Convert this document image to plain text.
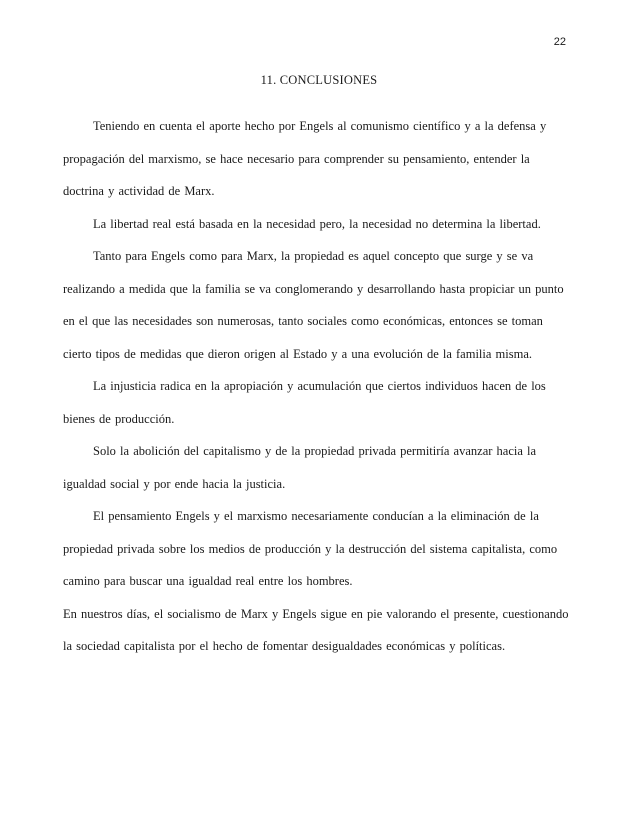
22
11. CONCLUSIONES

Teniendo en cuenta el aporte hecho por Engels al comunismo científico y a la defensa y propagación del marxismo, se hace necesario para comprender su pensamiento, entender la doctrina y actividad de Marx.

La libertad real está basada en la necesidad pero, la necesidad no determina la libertad.

Tanto para Engels como para Marx, la propiedad es aquel concepto que surge y se va realizando a medida que la familia se va conglomerando y desarrollando hasta propiciar un punto en el que las necesidades son numerosas, tanto sociales como económicas, entonces se toman cierto tipos de medidas que dieron origen al Estado y a una evolución de la familia misma.

La injusticia radica en la apropiación y acumulación que ciertos individuos hacen de los bienes de producción.

Solo la abolición del capitalismo y de la propiedad privada permitiría avanzar hacia la igualdad social y por ende hacia la justicia.

El pensamiento Engels y el marxismo necesariamente conducían a la eliminación de la propiedad privada sobre los medios de producción y la destrucción del sistema capitalista, como camino para buscar una igualdad real entre los hombres.

En nuestros días, el socialismo de Marx y Engels sigue en pie valorando el presente, cuestionando la sociedad capitalista por el hecho de fomentar desigualdades económicas y políticas.
